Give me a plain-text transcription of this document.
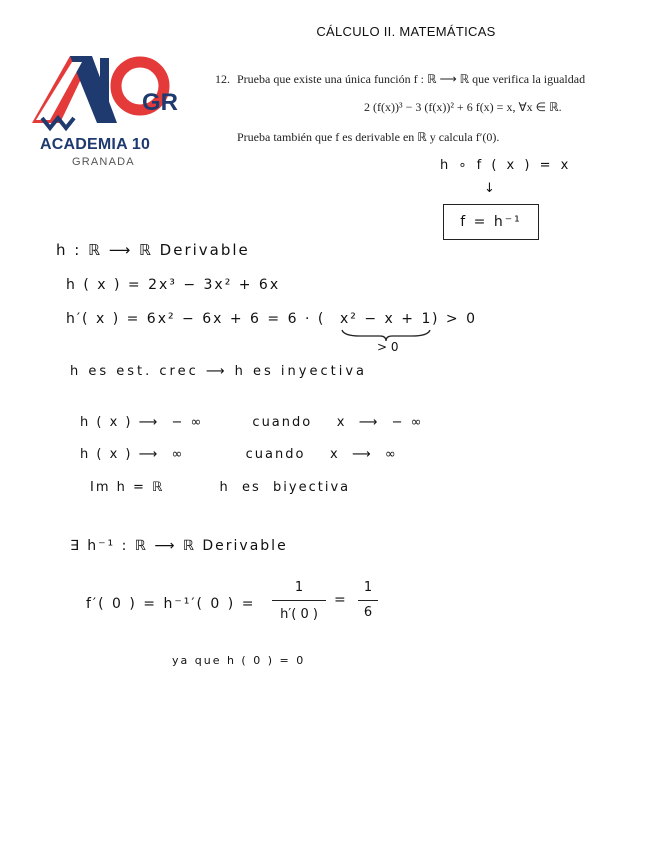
CÁLCULO II. MATEMÁTICAS
GR
ACADEMIA 10
GRANADA
12. Prueba que existe una única función f : ℝ ⟶ ℝ que verifica la igualdad
2 (f(x))³ − 3 (f(x))² + 6 f(x) = x, ∀x ∈ ℝ.
Prueba también que f es derivable en ℝ y calcula f′(0).
h ∘ f ( x ) = x
↓
f = h⁻¹
h : ℝ ⟶ ℝ Derivable
h ( x ) = 2x³ − 3x² + 6x
h′( x ) = 6x² − 6x + 6 = 6 · ( x² − x + 1 ) > 0
> 0
h es est. crec ⟶ h es inyectiva
h ( x ) ⟶  − ∞        cuando    x  ⟶  − ∞
h ( x ) ⟶  ∞          cuando    x  ⟶  ∞
Im h = ℝ         h  es  biyectiva
∃ h⁻¹ : ℝ ⟶ ℝ Derivable
f′( 0 ) = h⁻¹′( 0 ) =
1
h′( 0 )
=
1
6
ya que h ( 0 ) = 0
